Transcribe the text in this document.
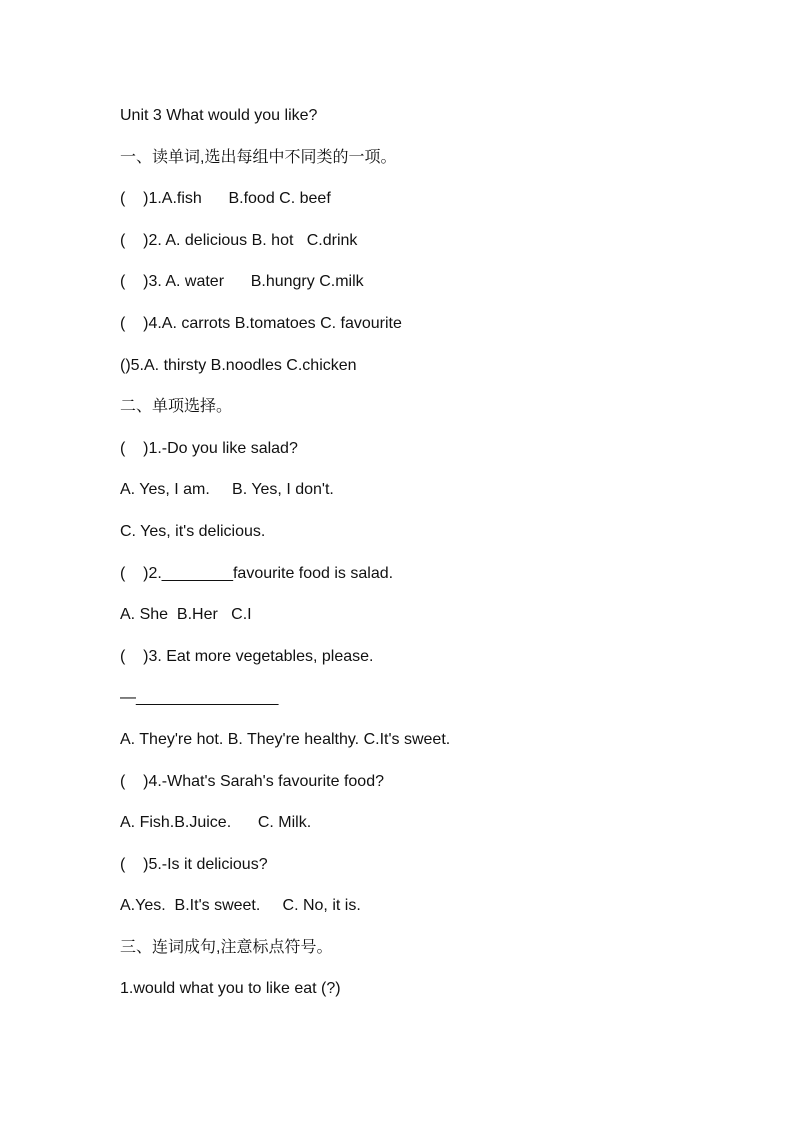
Unit 3 What would you like?
一、读单词,选出每组中不同类的一项。
(    )1.A.fish      B.food C. beef
(    )2. A. delicious B. hot   C.drink
(    )3. A. water      B.hungry C.milk
(    )4.A. carrots B.tomatoes C. favourite
()5.A. thirsty B.noodles C.chicken
二、单项选择。
(    )1.-Do you like salad?
A. Yes, I am.     B. Yes, I don't.
C. Yes, it's delicious.
(    )2.________favourite food is salad.
A. She  B.Her   C.I
(    )3. Eat more vegetables, please.
—________________
A. They're hot. B. They're healthy. C.It's sweet.
(    )4.-What's Sarah's favourite food?
A. Fish.B.Juice.      C. Milk.
(    )5.-Is it delicious?
A.Yes.  B.It's sweet.     C. No, it is.
三、连词成句,注意标点符号。
1.would what you to like eat (?)
